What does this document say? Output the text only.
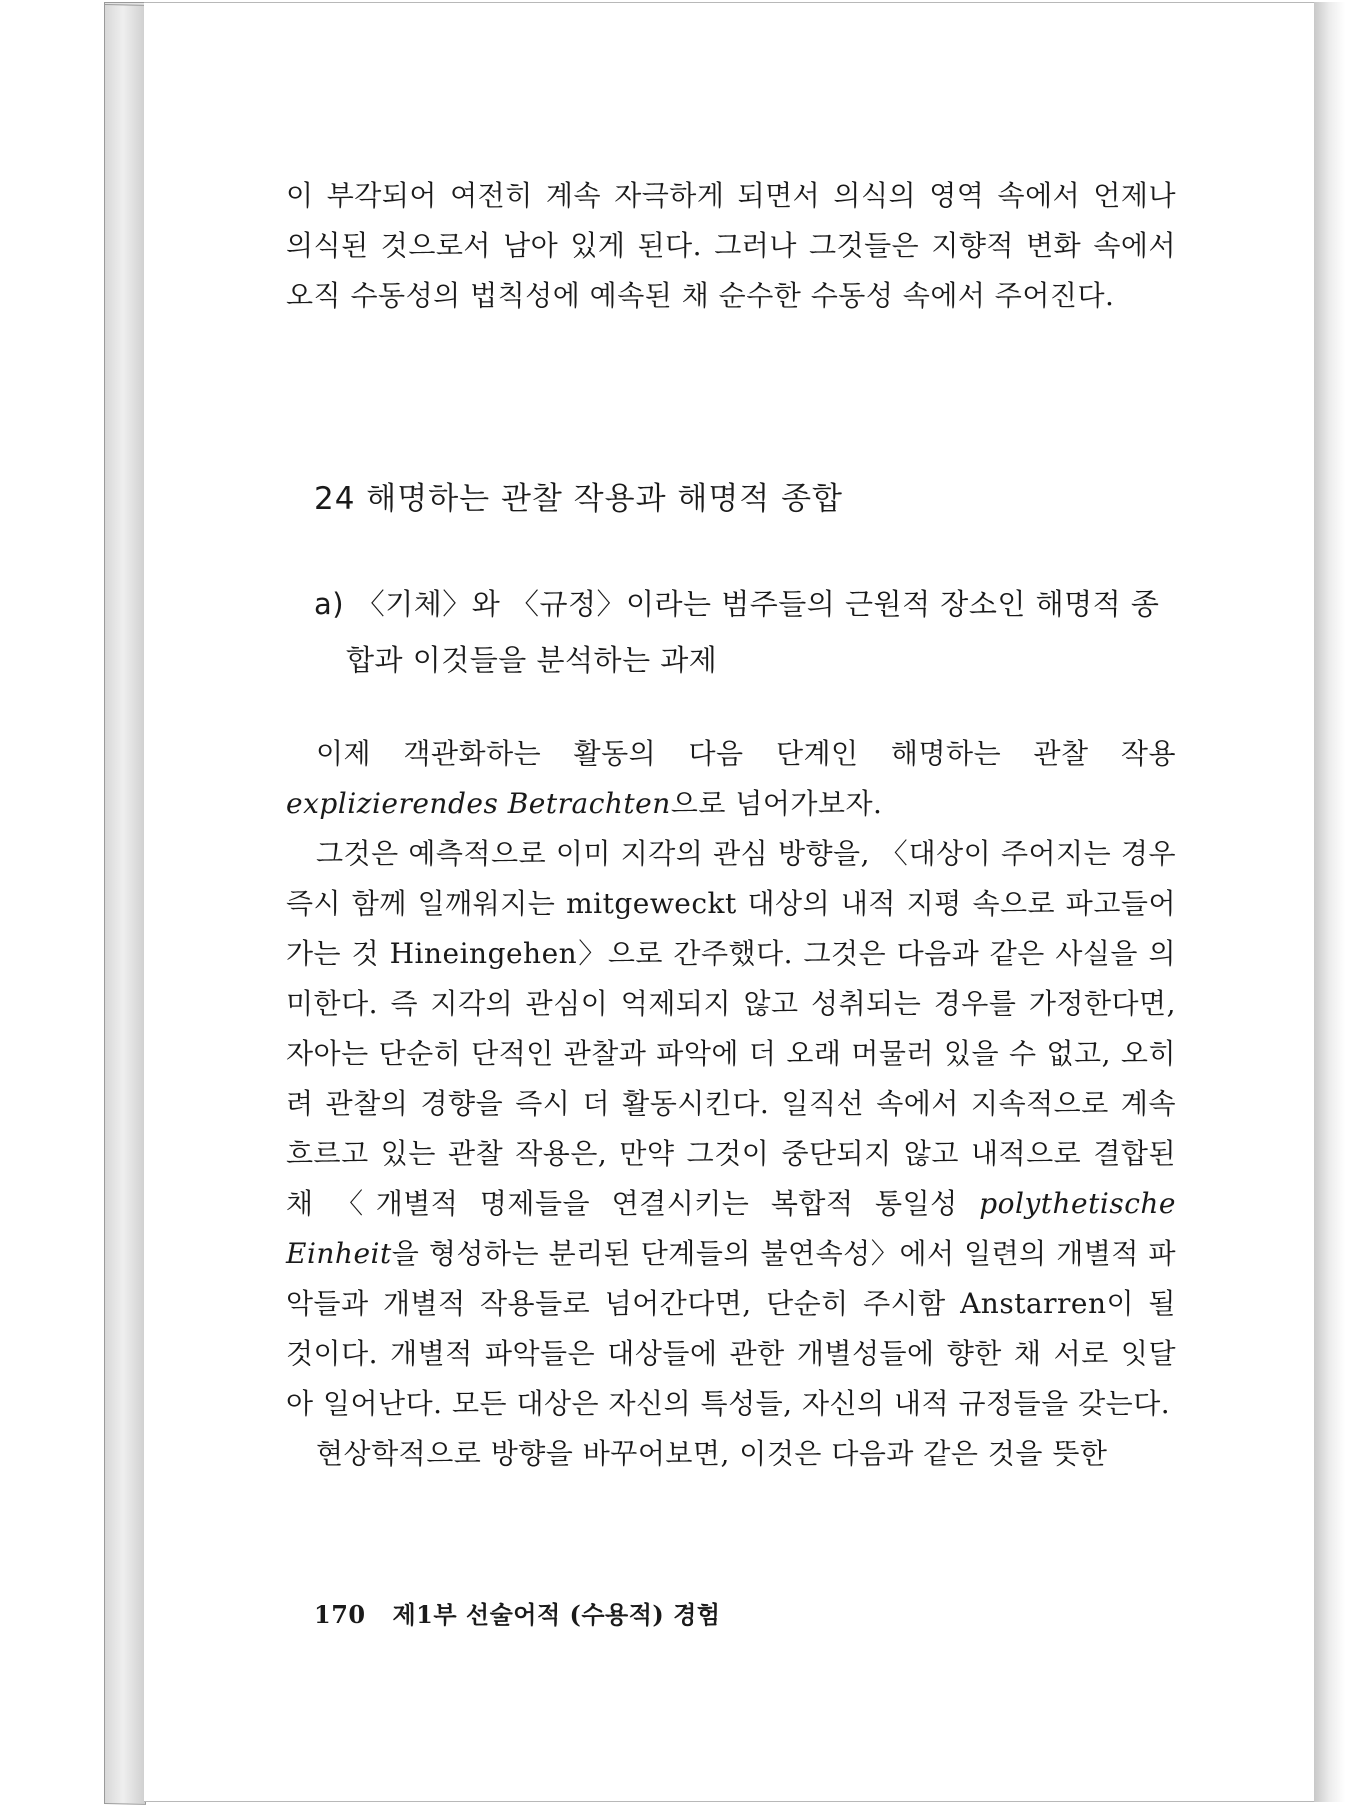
이 부각되어 여전히 계속 자극하게 되면서 의식의 영역 속에서 언제나 의식된 것으로서 남아 있게 된다. 그러나 그것들은 지향적 변화 속에서 오직 수동성의 법칙성에 예속된 채 순수한 수동성 속에서 주어진다.

24 해명하는 관찰 작용과 해명적 종합
a) 〈기체〉와 〈규정〉이라는 범주들의 근원적 장소인 해명적 종
합과 이것들을 분석하는 과제

이제 객관화하는 활동의 다음 단계인 해명하는 관찰 작용explizierendes Betrachten으로 넘어가보자.

그것은 예측적으로 이미 지각의 관심 방향을, 〈대상이 주어지는 경우 즉시 함께 일깨워지는 mitgeweckt 대상의 내적 지평 속으로 파고들어가는 것 Hineingehen〉으로 간주했다. 그것은 다음과 같은 사실을 의미한다. 즉 지각의 관심이 억제되지 않고 성취되는 경우를 가정한다면, 자아는 단순히 단적인 관찰과 파악에 더 오래 머물러 있을 수 없고, 오히려 관찰의 경향을 즉시 더 활동시킨다. 일직선 속에서 지속적으로 계속 흐르고 있는 관찰 작용은, 만약 그것이 중단되지 않고 내적으로 결합된 채 〈개별적 명제들을 연결시키는 복합적 통일성 polythetische Einheit을 형성하는 분리된 단계들의 불연속성〉에서 일련의 개별적 파악들과 개별적 작용들로 넘어간다면, 단순히 주시함 Anstarren이 될 것이다. 개별적 파악들은 대상들에 관한 개별성들에 향한 채 서로 잇달아 일어난다. 모든 대상은 자신의 특성들, 자신의 내적 규정들을 갖는다.

현상학적으로 방향을 바꾸어보면, 이것은 다음과 같은 것을 뜻한

170 제1부 선술어적 (수용적) 경험
